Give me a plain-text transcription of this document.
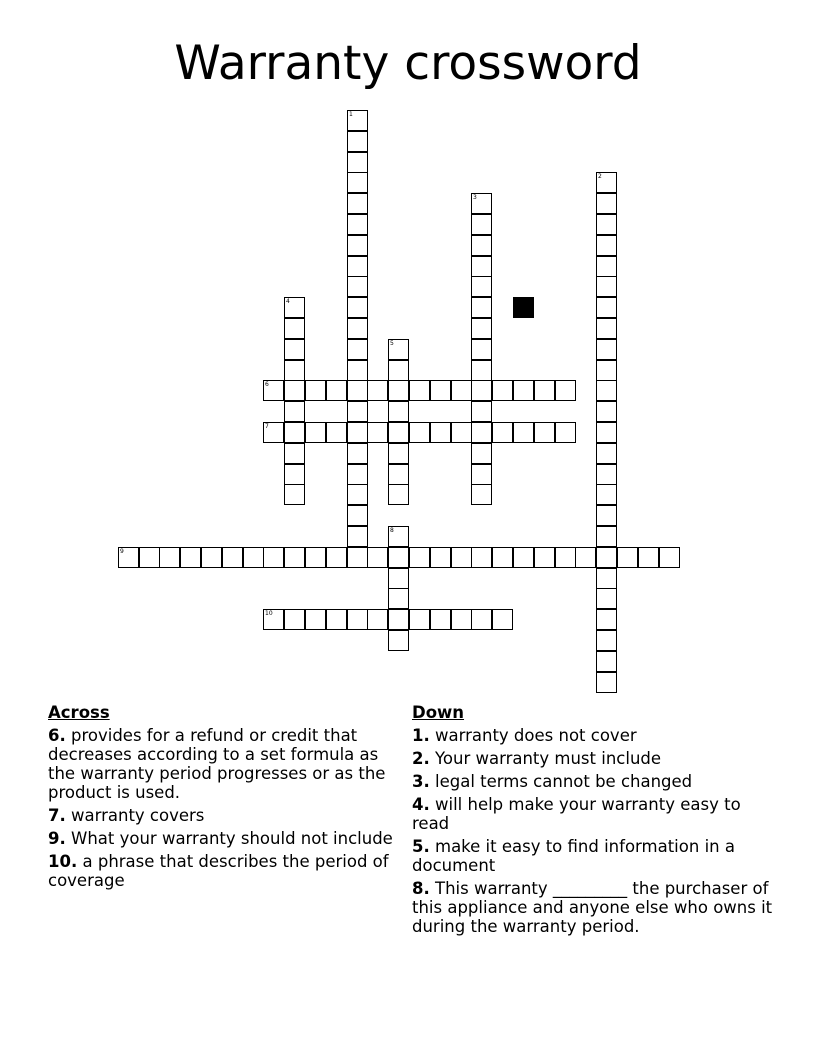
Warranty crossword
1
2
3
4
5
6
7
8
9
10
Across
6. provides for a refund or credit that decreases according to a set formula as the warranty period progresses or as the product is used.
7. warranty covers
9. What your warranty should not include
10. a phrase that describes the period of coverage
Down
1. warranty does not cover
2. Your warranty must include
3. legal terms cannot be changed
4. will help make your warranty easy to read
5. make it easy to find information in a document
8. This warranty _________ the purchaser of this appliance and anyone else who owns it during the warranty period.
